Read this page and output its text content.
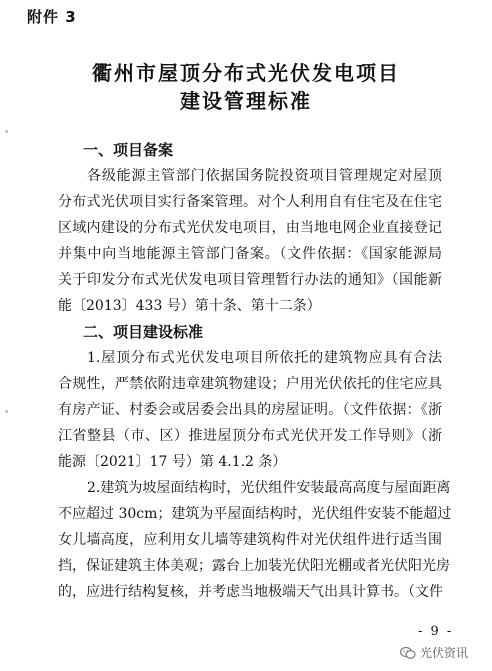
附件 3
衢州市屋顶分布式光伏发电项目
建设管理标准
一、项目备案
各级能源主管部门依据国务院投资项目管理规定对屋顶
分布式光伏项目实行备案管理。对个人利用自有住宅及在住宅
区域内建设的分布式光伏发电项目，由当地电网企业直接登记
并集中向当地能源主管部门备案。（文件依据：《国家能源局
关于印发分布式光伏发电项目管理暂行办法的通知》（国能新
能〔2013〕433 号）第十条、第十二条）
二、项目建设标准
1.屋顶分布式光伏发电项目所依托的建筑物应具有合法
合规性，严禁依附违章建筑物建设；户用光伏依托的住宅应具
有房产证、村委会或居委会出具的房屋证明。（文件依据：《浙
江省整县（市、区）推进屋顶分布式光伏开发工作导则》（浙
能源〔2021〕17 号）第 4.1.2 条）
2.建筑为坡屋面结构时，光伏组件安装最高高度与屋面距离
不应超过 30cm；建筑为平屋面结构时，光伏组件安装不能超过
女儿墙高度，应利用女儿墙等建筑构件对光伏组件进行适当围
挡，保证建筑主体美观；露台上加装光伏阳光棚或者光伏阳光房
的，应进行结构复核，并考虑当地极端天气出具计算书。（文件
- 9 -
光伏资讯
